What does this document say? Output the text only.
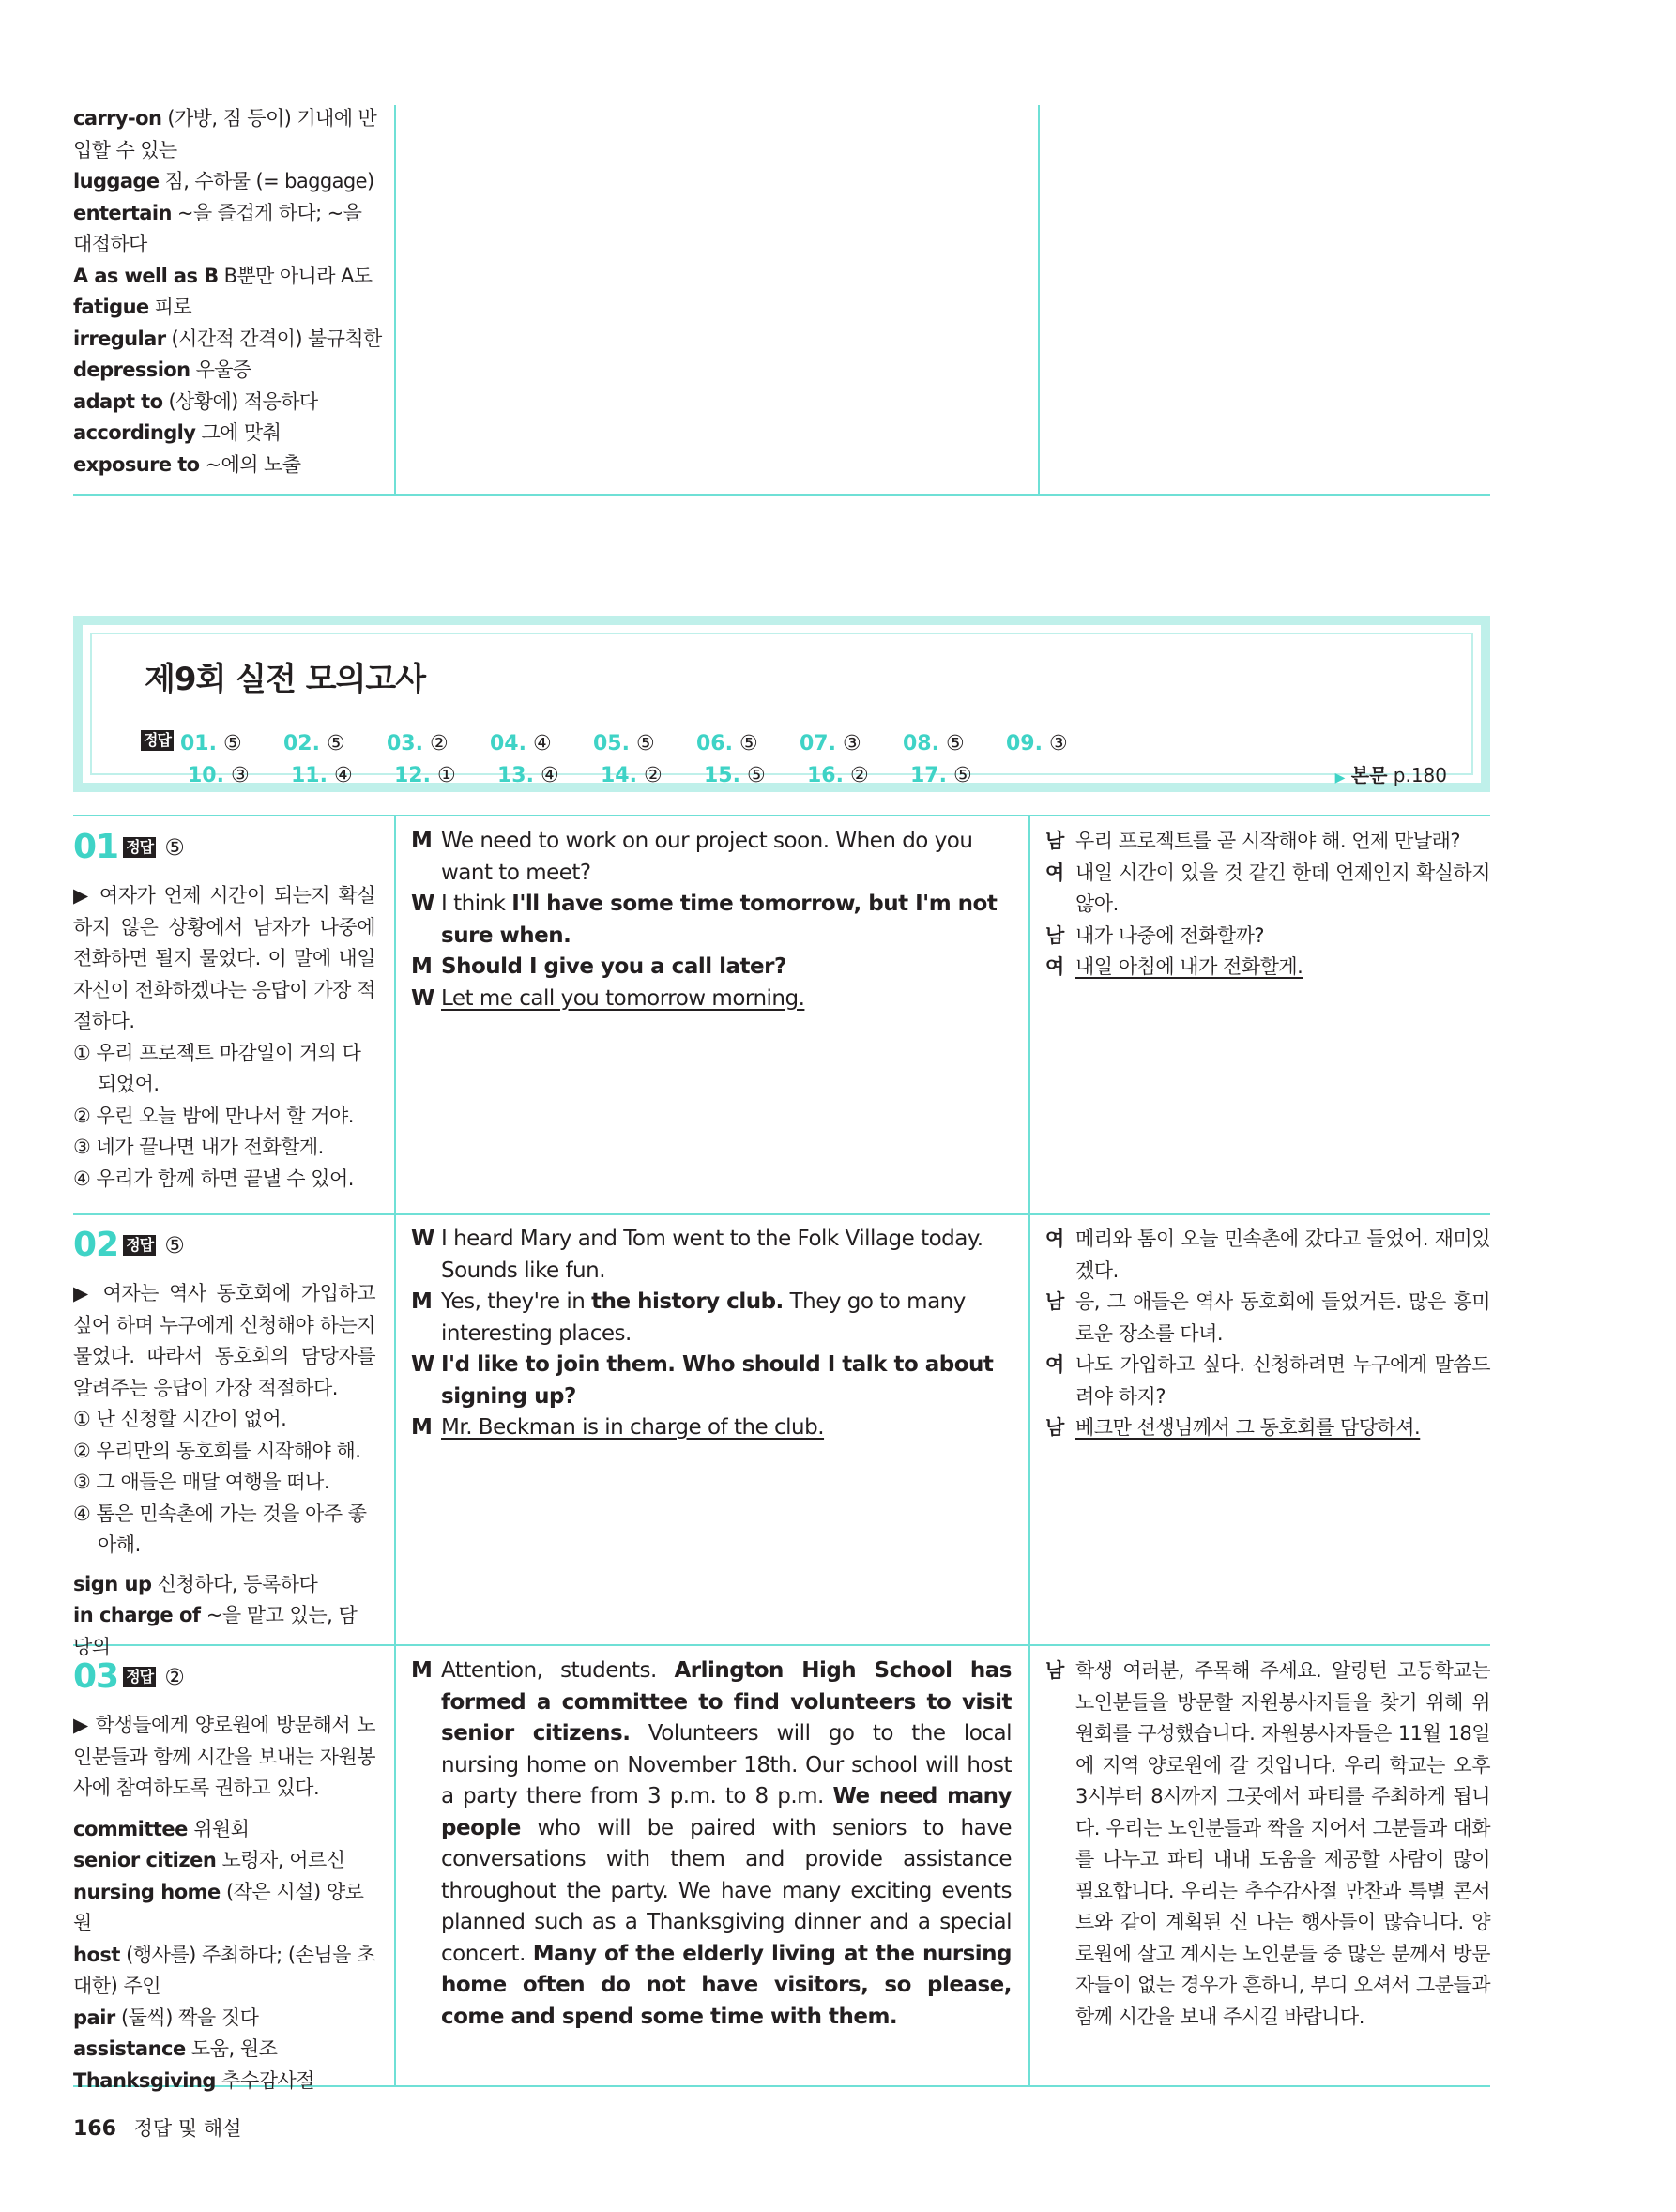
carry-on (가방, 짐 등이) 기내에 반
입할 수 있는
luggage 짐, 수하물 (= baggage)
entertain ~을 즐겁게 하다; ~을
대접하다
A as well as B B뿐만 아니라 A도
fatigue 피로
irregular (시간적 간격이) 불규칙한
depression 우울증
adapt to (상황에) 적응하다
accordingly 그에 맞춰
exposure to ~에의 노출
제9회 실전 모의고사
정답 01. ⑤ 02. ⑤ 03. ② 04. ④ 05. ⑤ 06. ⑤ 07. ③ 08. ⑤ 09. ③
10. ③ 11. ④ 12. ① 13. ④ 14. ② 15. ⑤ 16. ② 17. ⑤	▶ 본문 p.180
01 정답 ⑤

▶ 여자가 언제 시간이 되는지 확실하지 않은 상황에서 남자가 나중에 전화하면 될지 물었다. 이 말에 내일 자신이 전화하겠다는 응답이 가장 적절하다.

① 우리 프로젝트 마감일이 거의 다 되었어.
② 우린 오늘 밤에 만나서 할 거야.
③ 네가 끝나면 내가 전화할게.
④ 우리가 함께 하면 끝낼 수 있어.
M We need to work on our project soon. When do you want to meet?
W I think I'll have some time tomorrow, but I'm not sure when.
M Should I give you a call later?
W Let me call you tomorrow morning.
남 우리 프로젝트를 곧 시작해야 해. 언제 만날래?
여 내일 시간이 있을 것 같긴 한데 언제인지 확실하지 않아.
남 내가 나중에 전화할까?
여 내일 아침에 내가 전화할게.
02 정답 ⑤

▶ 여자는 역사 동호회에 가입하고 싶어 하며 누구에게 신청해야 하는지 물었다. 따라서 동호회의 담당자를 알려주는 응답이 가장 적절하다.

① 난 신청할 시간이 없어.
② 우리만의 동호회를 시작해야 해.
③ 그 애들은 매달 여행을 떠나.
④ 톰은 민속촌에 가는 것을 아주 좋아해.
sign up 신청하다, 등록하다
in charge of ~을 맡고 있는, 담당의
W I heard Mary and Tom went to the Folk Village today. Sounds like fun.
M Yes, they're in the history club. They go to many interesting places.
W I'd like to join them. Who should I talk to about signing up?
M Mr. Beckman is in charge of the club.
여 메리와 톰이 오늘 민속촌에 갔다고 들었어. 재미있겠다.
남 응, 그 애들은 역사 동호회에 들었거든. 많은 흥미로운 장소를 다녀.
여 나도 가입하고 싶다. 신청하려면 누구에게 말씀드려야 하지?
남 베크만 선생님께서 그 동호회를 담당하셔.
03 정답 ②

▶ 학생들에게 양로원에 방문해서 노인분들과 함께 시간을 보내는 자원봉사에 참여하도록 권하고 있다.

committee 위원회
senior citizen 노령자, 어르신
nursing home (작은 시설) 양로원
host (행사를) 주최하다; (손님을 초대한) 주인
pair (둘씩) 짝을 짓다
assistance 도움, 원조
Thanksgiving 추수감사절
M Attention, students. Arlington High School has formed a committee to find volunteers to visit senior citizens. Volunteers will go to the local nursing home on November 18th. Our school will host a party there from 3 p.m. to 8 p.m. We need many people who will be paired with seniors to have conversations with them and provide assistance throughout the party. We have many exciting events planned such as a Thanksgiving dinner and a special concert. Many of the elderly living at the nursing home often do not have visitors, so please, come and spend some time with them.
남 학생 여러분, 주목해 주세요. 알링턴 고등학교는 노인분들을 방문할 자원봉사자들을 찾기 위해 위원회를 구성했습니다. 자원봉사자들은 11월 18일에 지역 양로원에 갈 것입니다. 우리 학교는 오후 3시부터 8시까지 그곳에서 파티를 주최하게 됩니다. 우리는 노인분들과 짝을 지어서 그분들과 대화를 나누고 파티 내내 도움을 제공할 사람이 많이 필요합니다. 우리는 추수감사절 만찬과 특별 콘서트와 같이 계획된 신 나는 행사들이 많습니다. 양로원에 살고 계시는 노인분들 중 많은 분께서 방문자들이 없는 경우가 흔하니, 부디 오셔서 그분들과 함께 시간을 보내 주시길 바랍니다.
166 정답 및 해설
